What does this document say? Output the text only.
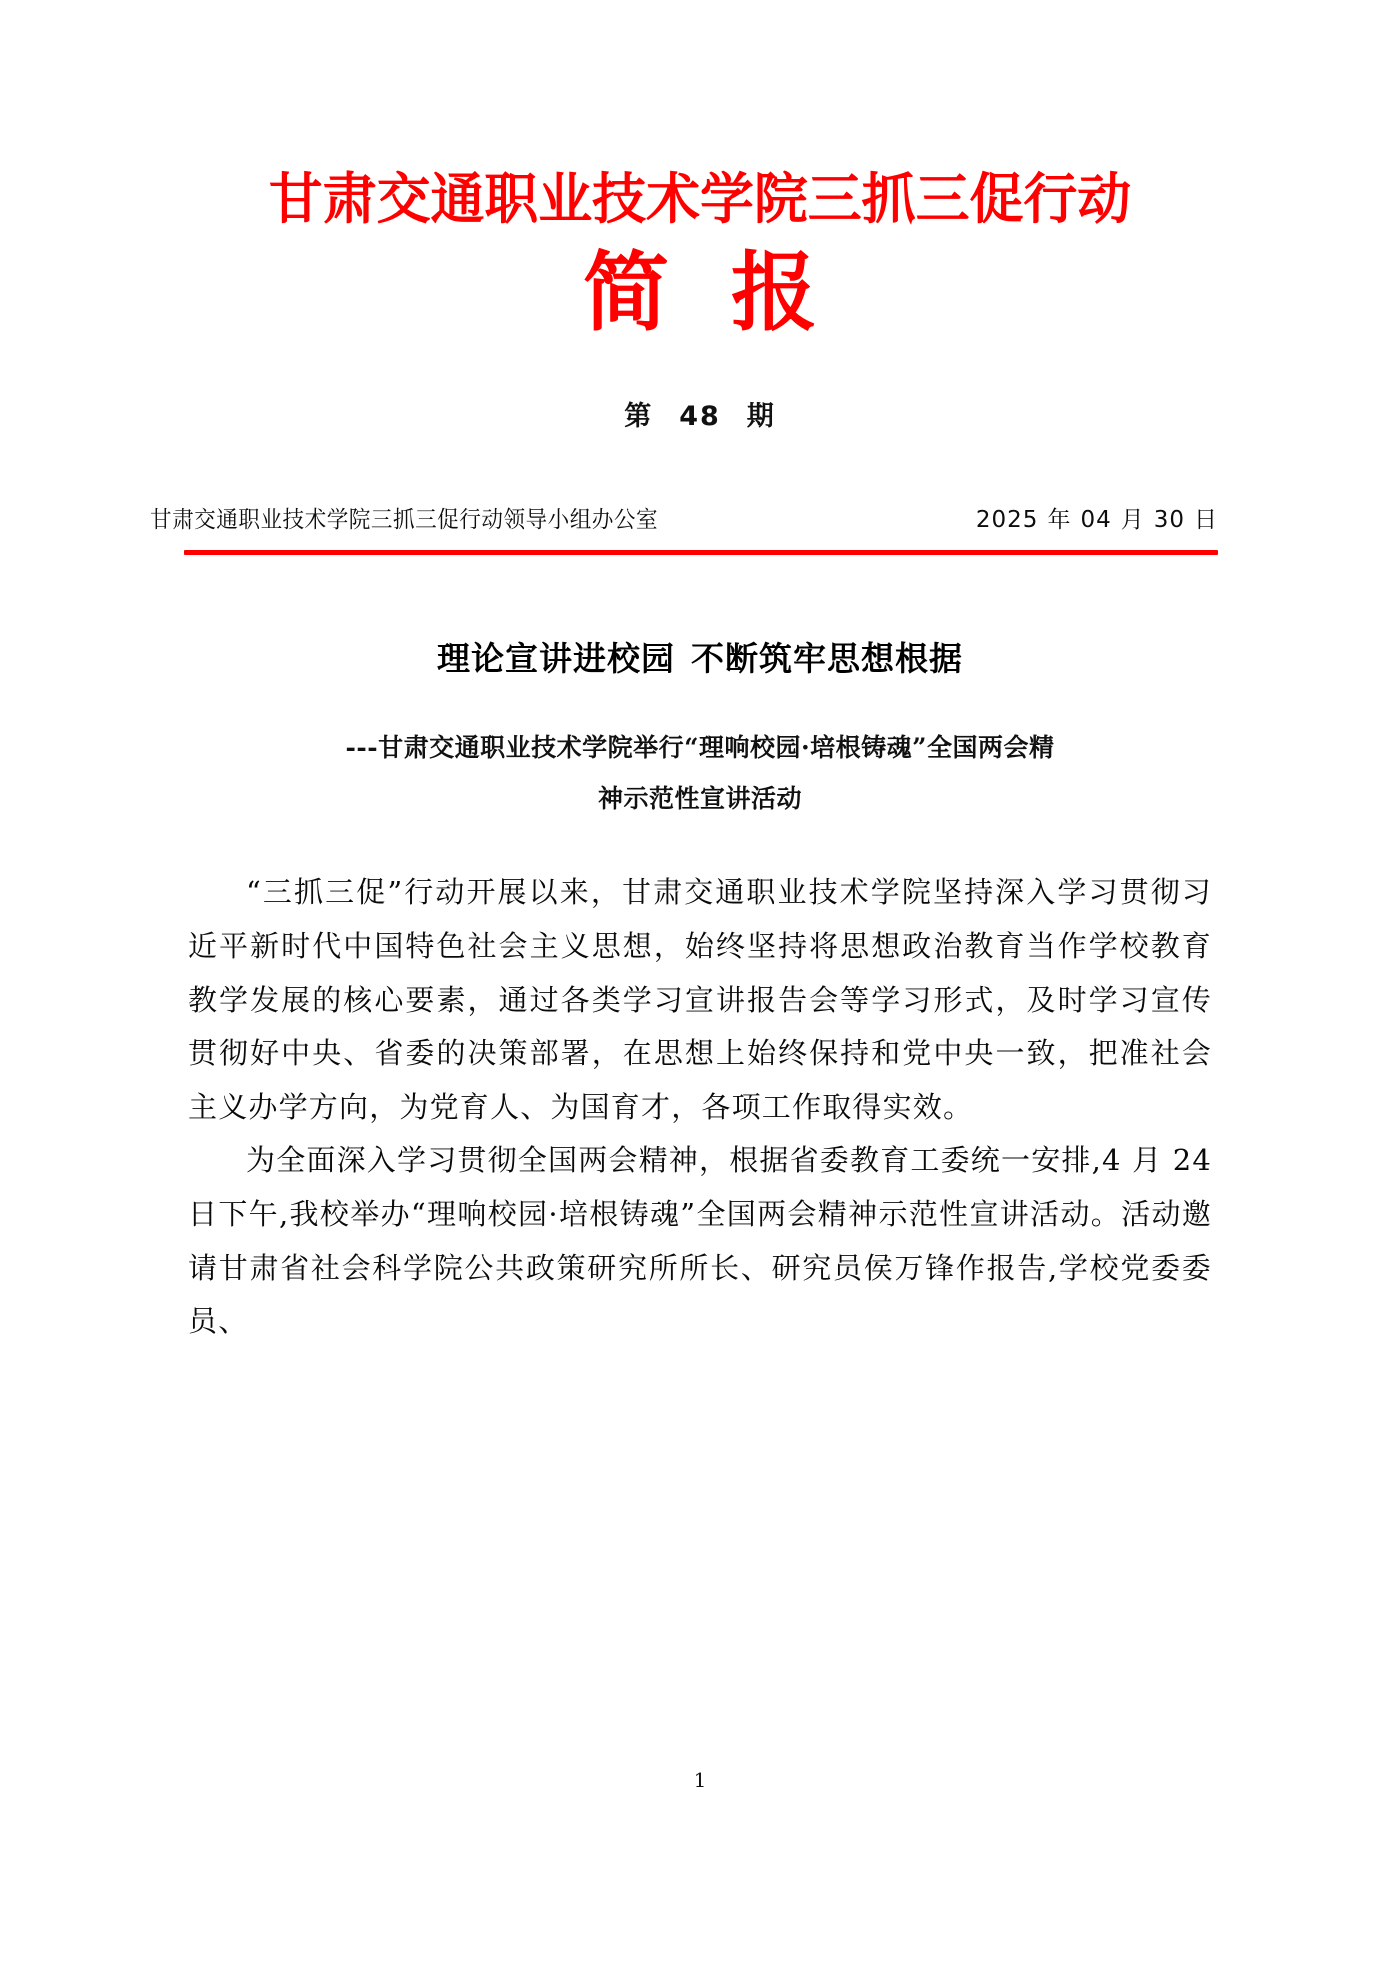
甘肃交通职业技术学院三抓三促行动
简报
第 48 期
甘肃交通职业技术学院三抓三促行动领导小组办公室	2025 年 04 月 30 日
理论宣讲进校园 不断筑牢思想根据
---甘肃交通职业技术学院举行“理响校园·培根铸魂”全国两会精
神示范性宣讲活动

“三抓三促”行动开展以来，甘肃交通职业技术学院坚持深入学习贯彻习近平新时代中国特色社会主义思想，始终坚持将思想政治教育当作学校教育教学发展的核心要素，通过各类学习宣讲报告会等学习形式，及时学习宣传贯彻好中央、省委的决策部署，在思想上始终保持和党中央一致，把准社会主义办学方向，为党育人、为国育才，各项工作取得实效。

为全面深入学习贯彻全国两会精神，根据省委教育工委统一安排,4 月 24 日下午,我校举办“理响校园·培根铸魂”全国两会精神示范性宣讲活动。活动邀请甘肃省社会科学院公共政策研究所所长、研究员侯万锋作报告,学校党委委员、

1
